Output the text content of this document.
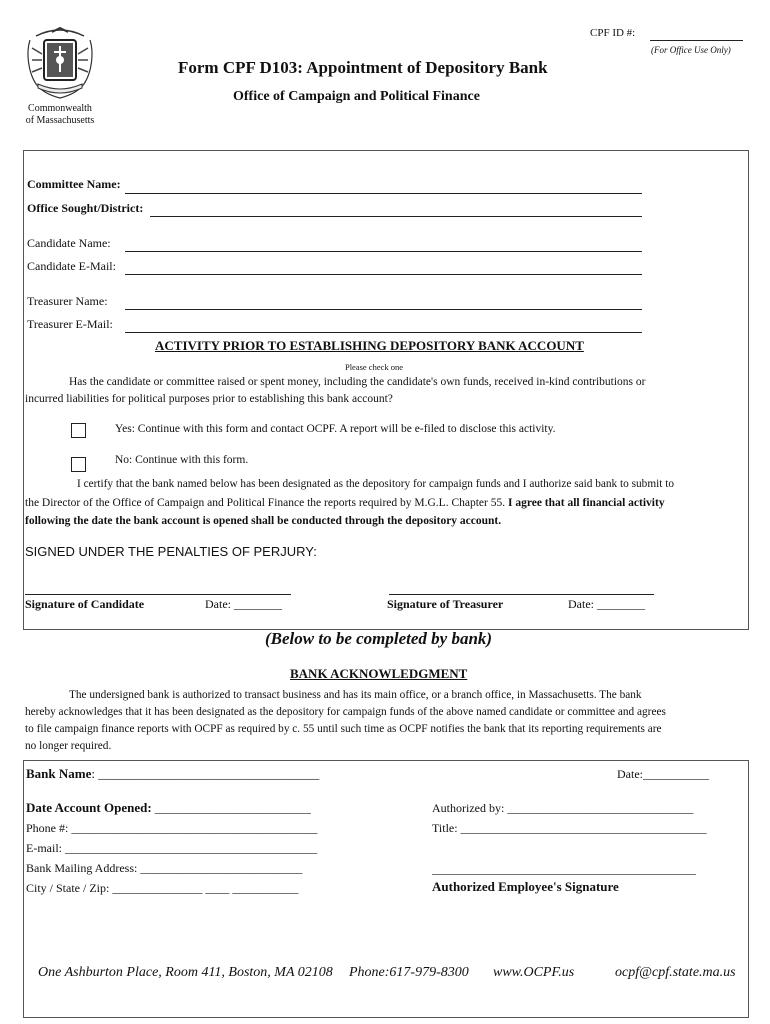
CPF ID #:
(For Office Use Only)
Commonwealth
of Massachusetts
Form CPF D103: Appointment of Depository Bank
Office of Campaign and Political Finance
Committee Name:
Office Sought/District:
Candidate Name:
Candidate E-Mail:
Treasurer Name:
Treasurer E-Mail:
ACTIVITY PRIOR TO ESTABLISHING DEPOSITORY BANK ACCOUNT
Please check one
Has the candidate or committee raised or spent money, including the candidate's own funds, received in-kind contributions or
incurred liabilities for political purposes prior to establishing this bank account?
Yes: Continue with this form and contact OCPF. A report will be e-filed to disclose this activity.
No: Continue with this form.
I certify that the bank named below has been designated as the depository for campaign funds and I authorize said bank to submit to
the Director of the Office of Campaign and Political Finance the reports required by M.G.L. Chapter 55. I agree that all financial activity
following the date the bank account is opened shall be conducted through the depository account.
SIGNED UNDER THE PENALTIES OF PERJURY:
Signature of Candidate	Date: ________	Signature of Treasurer	Date: ________
(Below to be completed by bank)
BANK ACKNOWLEDGMENT
The undersigned bank is authorized to transact business and has its main office, or a branch office, in Massachusetts. The bank
hereby acknowledges that it has been designated as the depository for campaign funds of the above named candidate or committee and agrees
to file campaign finance reports with OCPF as required by c. 55 until such time as OCPF notifies the bank that its reporting requirements are
no longer required.
Bank Name: __________________________________	Date:___________
Date Account Opened: __________________________	Authorized by: _______________________________
Phone #: _________________________________________	Title: _________________________________________
E-mail: __________________________________________
Bank Mailing Address: ___________________________	____________________________________________
City / State / Zip: _______________ ____ ___________	Authorized Employee's Signature
One Ashburton Place, Room 411, Boston, MA 02108 Phone:617-979-8300 www.OCPF.us	ocpf@cpf.state.ma.us
